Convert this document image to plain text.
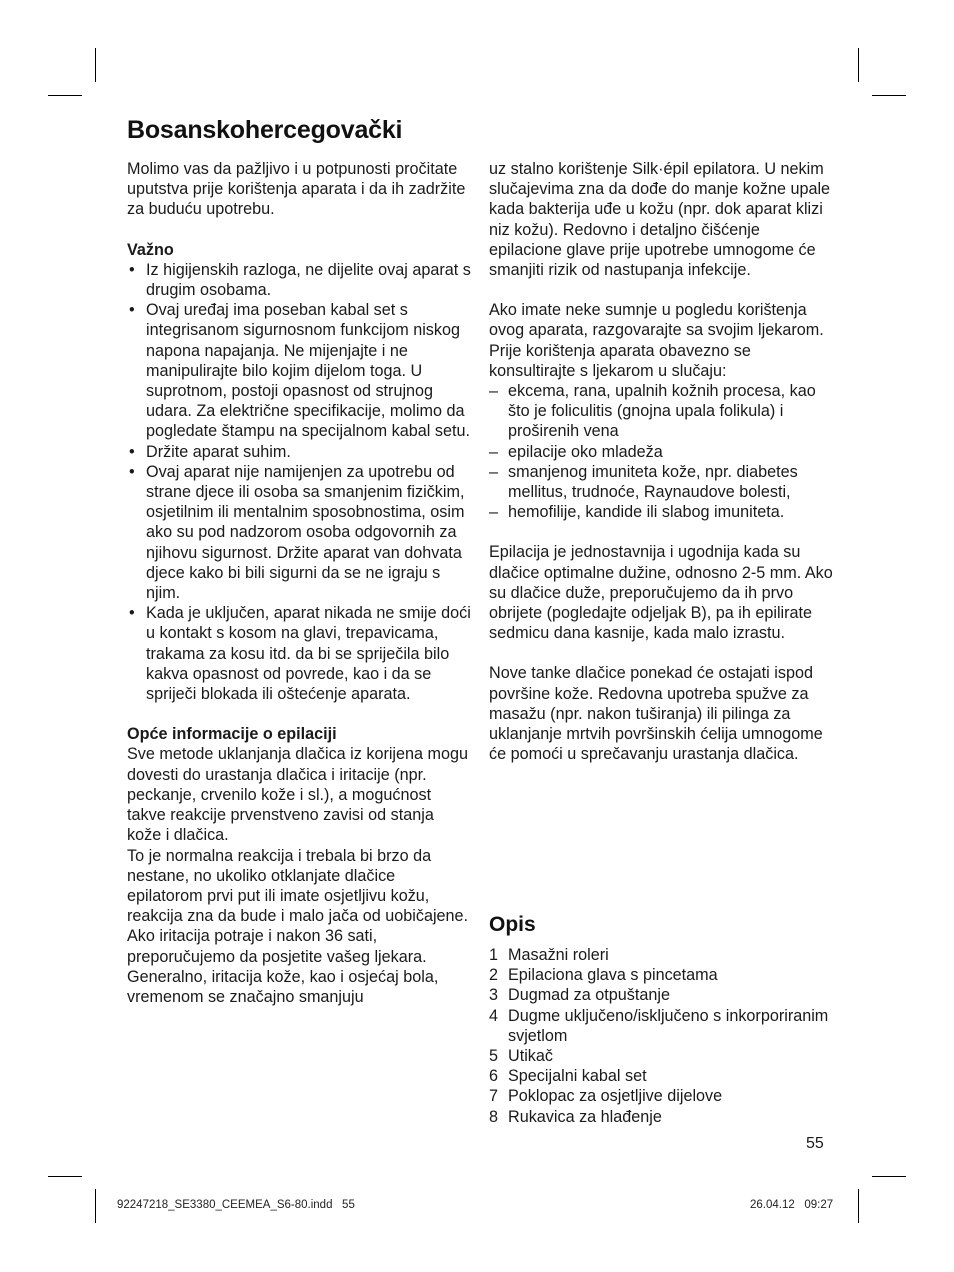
Bosanskohercegovački

Molimo vas da pažljivo i u potpunosti pročitate uputstva prije korištenja aparata i da ih zadržite za buduću upotrebu.

Važno

• Iz higijenskih razloga, ne dijelite ovaj aparat s drugim osobama.
• Ovaj uređaj ima poseban kabal set s integrisanom sigurnosnom funkcijom niskog napona napajanja. Ne mijenjajte i ne manipulirajte bilo kojim dijelom toga. U suprotnom, postoji opasnost od strujnog udara. Za električne specifikacije, molimo da pogledate štampu na specijalnom kabal setu.
• Držite aparat suhim.
• Ovaj aparat nije namijenjen za upotrebu od strane djece ili osoba sa smanjenim fizičkim, osjetilnim ili mentalnim sposobnostima, osim ako su pod nadzorom osoba odgovornih za njihovu sigurnost. Držite aparat van dohvata djece kako bi bili sigurni da se ne igraju s njim.
• Kada je uključen, aparat nikada ne smije doći u kontakt s kosom na glavi, trepavicama, trakama za kosu itd. da bi se spriječila bilo kakva opasnost od povrede, kao i da se spriječi blokada ili oštećenje aparata.

Opće informacije o epilaciji

Sve metode uklanjanja dlačica iz korijena mogu dovesti do urastanja dlačica i iritacije (npr. peckanje, crvenilo kože i sl.), a mogućnost takve reakcije prvenstveno zavisi od stanja kože i dlačica.

To je normalna reakcija i trebala bi brzo da nestane, no ukoliko otklanjate dlačice epilatorom prvi put ili imate osjetljivu kožu, reakcija zna da bude i malo jača od uobičajene.

Ako iritacija potraje i nakon 36 sati, preporučujemo da posjetite vašeg ljekara.

Generalno, iritacija kože, kao i osjećaj bola, vremenom se značajno smanjuju

uz stalno korištenje Silk·épil epilatora. U nekim slučajevima zna da dođe do manje kožne upale kada bakterija uđe u kožu (npr. dok aparat klizi niz kožu). Redovno i detaljno čišćenje epilacione glave prije upotrebe umnogome će smanjiti rizik od nastupanja infekcije.

Ako imate neke sumnje u pogledu korištenja ovog aparata, razgovarajte sa svojim ljekarom. Prije korištenja aparata obavezno se konsultirajte s ljekarom u slučaju:

– ekcema, rana, upalnih kožnih procesa, kao što je foliculitis (gnojna upala folikula) i proširenih vena
– epilacije oko mladeža
– smanjenog imuniteta kože, npr. diabetes mellitus, trudnoće, Raynaudove bolesti,
– hemofilije, kandide ili slabog imuniteta.

Epilacija je jednostavnija i ugodnija kada su dlačice optimalne dužine, odnosno 2-5 mm. Ako su dlačice duže, preporučujemo da ih prvo obrijete (pogledajte odjeljak B), pa ih epilirate sedmicu dana kasnije, kada malo izrastu.

Nove tanke dlačice ponekad će ostajati ispod površine kože. Redovna upotreba spužve za masažu (npr. nakon tuširanja) ili pilinga za uklanjanje mrtvih površinskih ćelija umnogome će pomoći u sprečavanju urastanja dlačica.

Opis
1 Masažni roleri
2 Epilaciona glava s pincetama
3 Dugmad za otpuštanje
4 Dugme uključeno/isključeno s inkorporiranim svjetlom
5 Utikač
6 Specijalni kabal set
7 Poklopac za osjetljive dijelove
8 Rukavica za hlađenje
55
92247218_SE3380_CEEMEA_S6-80.indd   55	26.04.12   09:27
